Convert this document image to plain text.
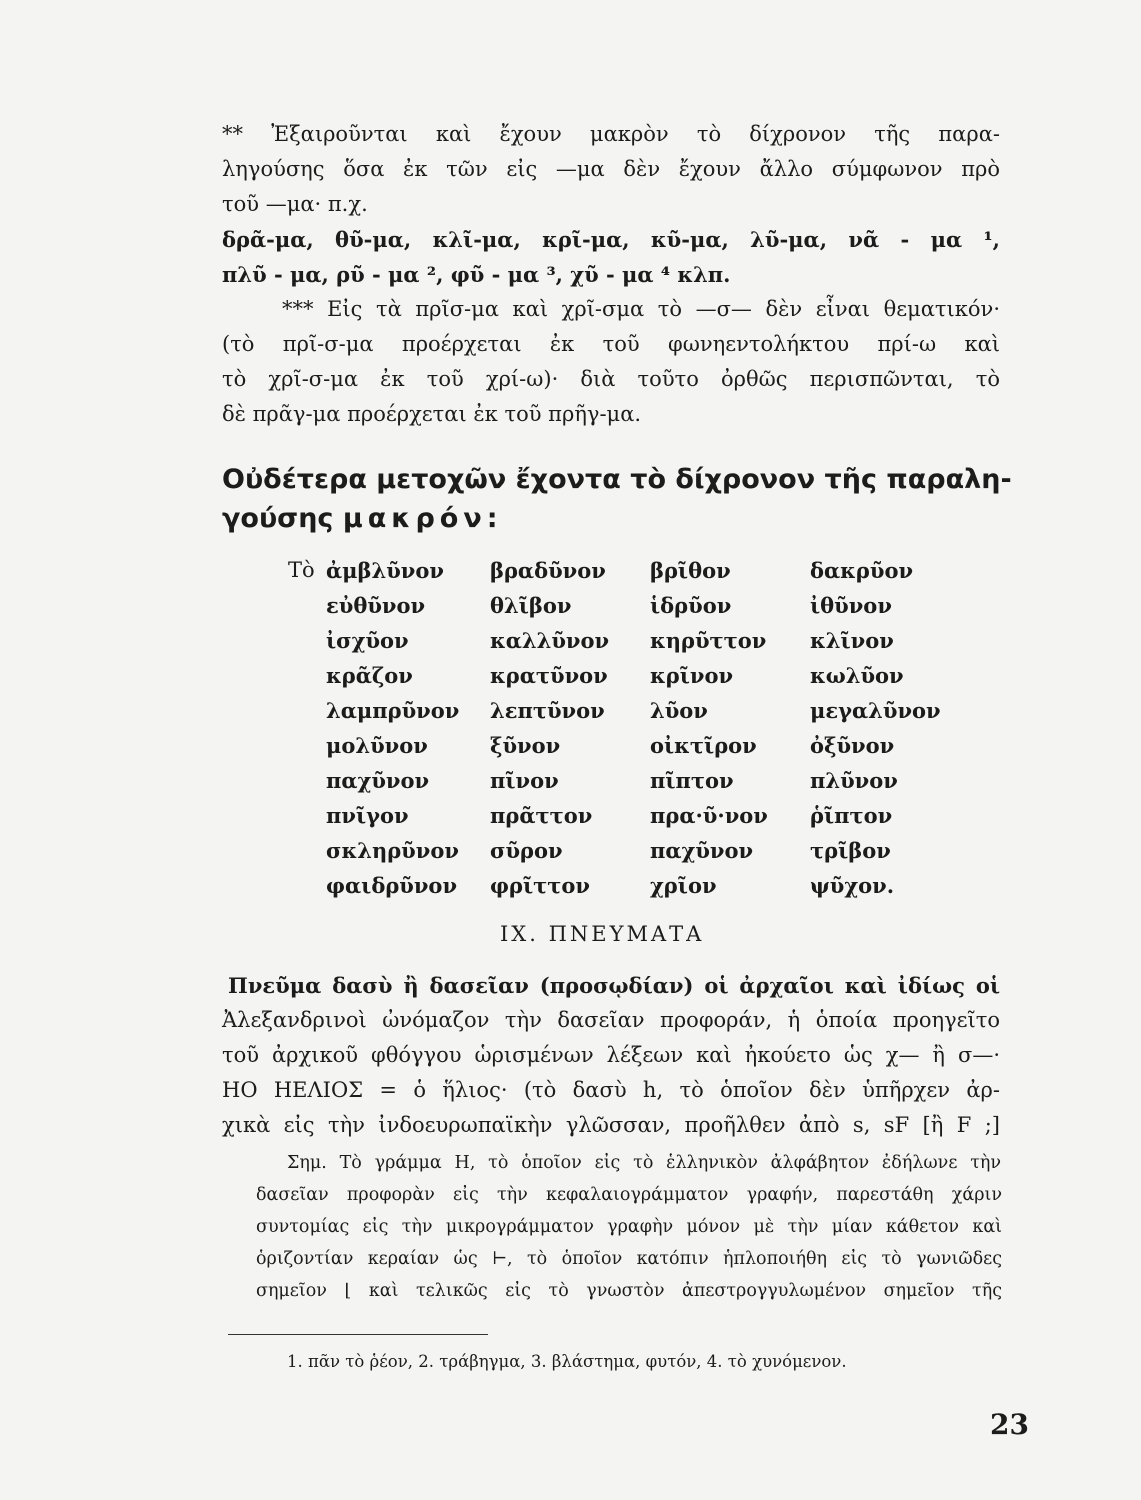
** Ἐξαιροῦνται καὶ ἔχουν μακρὸν τὸ δίχρονον τῆς παρα-
ληγούσης ὅσα ἐκ τῶν εἰς —μα δὲν ἔχουν ἄλλο σύμφωνον πρὸ
τοῦ —μα· π.χ.
δρᾶ-μα, θῦ-μα, κλῖ-μα, κρῖ-μα, κῦ-μα, λῦ-μα, νᾶ - μα ¹,
πλῦ - μα, ρῦ - μα ², φῦ - μα ³, χῦ - μα ⁴ κλπ.
*** Εἰς τὰ πρῖσ-μα καὶ χρῖ-σμα τὸ —σ— δὲν εἶναι θεματικόν·
(τὸ πρῖ-σ-μα προέρχεται ἐκ τοῦ φωνηεντολήκτου πρί-ω καὶ
τὸ χρῖ-σ-μα ἐκ τοῦ χρί-ω)· διὰ τοῦτο ὀρθῶς περισπῶνται, τὸ
δὲ πρᾶγ-μα προέρχεται ἐκ τοῦ πρῆγ-μα.
Οὐδέτερα μετοχῶν ἔχοντα τὸ δίχρονον τῆς παραλη-
γούσης μακρόν:
Τὸ ἀμβλῦνον
εὐθῦνον
ἰσχῦον
κρᾶζον
λαμπρῦνον
μολῦνον
παχῦνον
πνῖγον
σκληρῦνον
φαιδρῦνον
βραδῦνον
θλῖβον
καλλῦνον
κρατῦνον
λεπτῦνον
ξῦνον
πῖνον
πρᾶττον
σῦρον
φρῖττον
βρῖθον
ἱδρῦον
κηρῦττον
κρῖνον
λῦον
οἰκτῖρον
πῖπτον
πρα·ῦ·νον
παχῦνον
χρῖον
δακρῦον
ἰθῦνον
κλῖνον
κωλῦον
μεγαλῦνον
ὀξῦνον
πλῦνον
ῥῖπτον
τρῖβον
ψῦχον.
IX. ΠΝΕΥΜΑΤΑ
Πνεῦμα δασὺ ἢ δασεῖαν (προσῳδίαν) οἱ ἀρχαῖοι καὶ ἰδίως οἱ
Ἀλεξανδρινοὶ ὠνόμαζον τὴν δασεῖαν προφοράν, ἡ ὁποία προηγεῖτο
τοῦ ἀρχικοῦ φθόγγου ὡρισμένων λέξεων καὶ ἠκούετο ὡς χ— ἢ σ—·
ΗΟ ΗΕΛΙΟΣ = ὁ ἥλιος· (τὸ δασὺ h, τὸ ὁποῖον δὲν ὑπῆρχεν ἀρ-
χικὰ εἰς τὴν ἰνδοευρωπαϊκὴν γλῶσσαν, προῆλθεν ἀπὸ s, sF [ἢ F ;]
Σημ. Τὸ γράμμα Η, τὸ ὁποῖον εἰς τὸ ἑλληνικὸν ἀλφάβητον ἐδήλωνε τὴν
δασεῖαν προφορὰν εἰς τὴν κεφαλαιογράμματον γραφήν, παρεστάθη χάριν
συντομίας εἰς τὴν μικρογράμματον γραφὴν μόνον μὲ τὴν μίαν κάθετον καὶ
ὁριζοντίαν κεραίαν ὡς ⊢, τὸ ὁποῖον κατόπιν ἡπλοποιήθη εἰς τὸ γωνιῶδες
σημεῖον ⌊ καὶ τελικῶς εἰς τὸ γνωστὸν ἀπεστρογγυλωμένον σημεῖον τῆς
1. πᾶν τὸ ῥέον, 2. τράβηγμα, 3. βλάστημα, φυτόν, 4. τὸ χυνόμενον.
23
